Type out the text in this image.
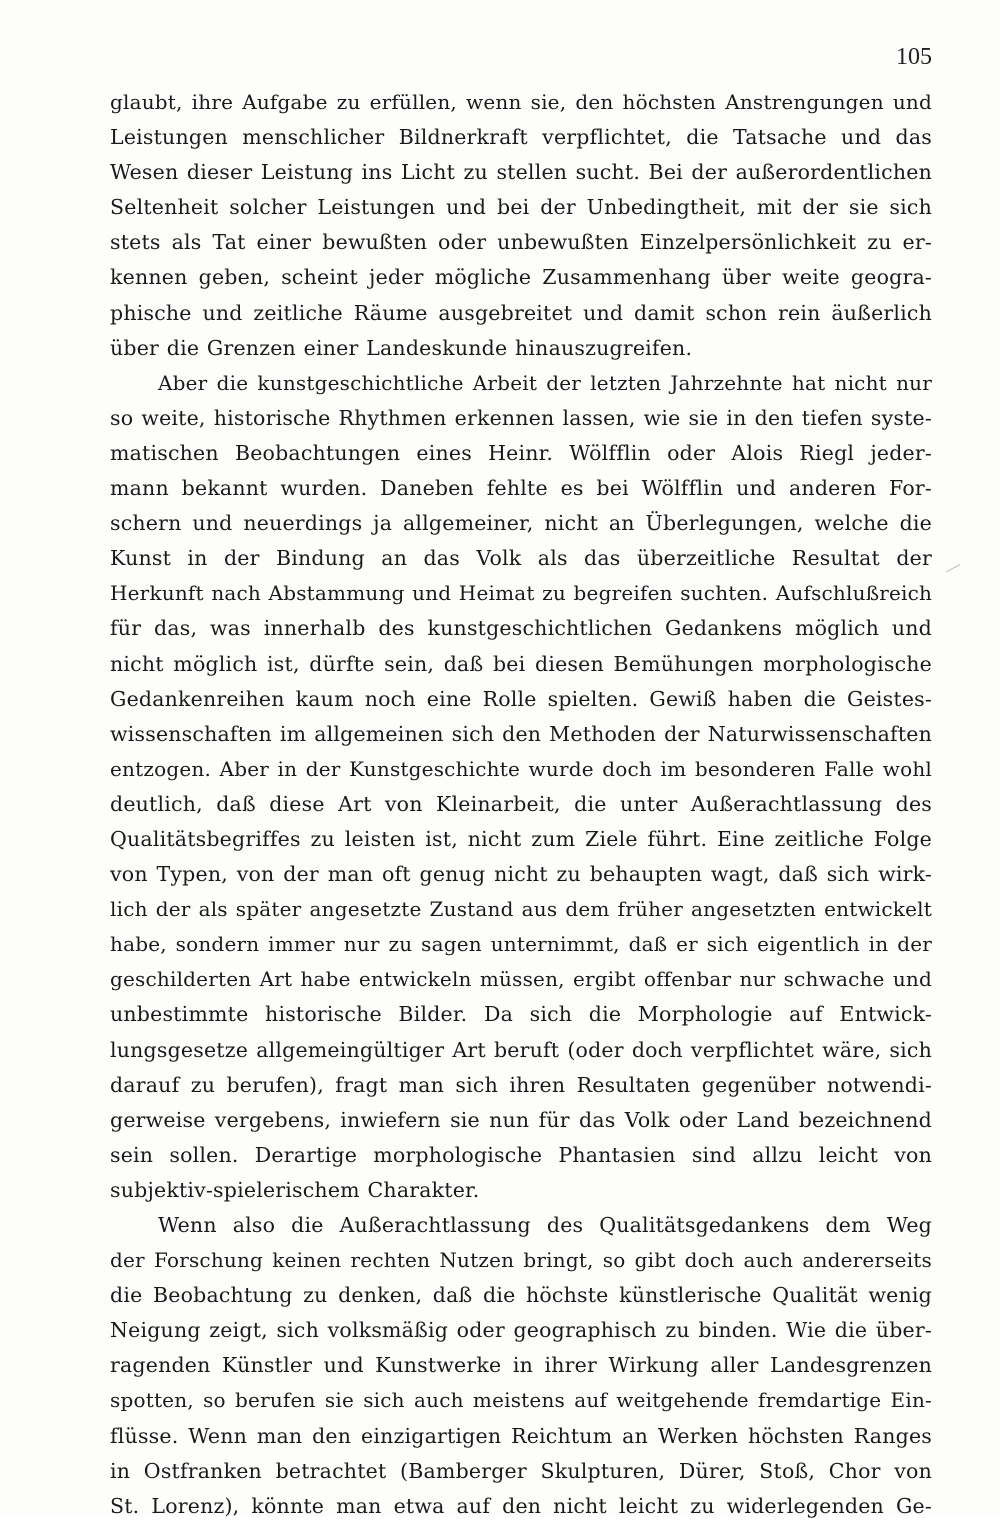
105
glaubt, ihre Aufgabe zu erfüllen, wenn sie, den höchsten Anstrengungen und
Leistungen menschlicher Bildnerkraft verpflichtet, die Tatsache und das
Wesen dieser Leistung ins Licht zu stellen sucht. Bei der außerordentlichen
Seltenheit solcher Leistungen und bei der Unbedingtheit, mit der sie sich
stets als Tat einer bewußten oder unbewußten Einzelpersönlichkeit zu er-
kennen geben, scheint jeder mögliche Zusammenhang über weite geogra-
phische und zeitliche Räume ausgebreitet und damit schon rein äußerlich
über die Grenzen einer Landeskunde hinauszugreifen.
Aber die kunstgeschichtliche Arbeit der letzten Jahrzehnte hat nicht nur
so weite, historische Rhythmen erkennen lassen, wie sie in den tiefen syste-
matischen Beobachtungen eines Heinr. Wölfflin oder Alois Riegl jeder-
mann bekannt wurden. Daneben fehlte es bei Wölfflin und anderen For-
schern und neuerdings ja allgemeiner, nicht an Überlegungen, welche die
Kunst in der Bindung an das Volk als das überzeitliche Resultat der
Herkunft nach Abstammung und Heimat zu begreifen suchten. Aufschlußreich
für das, was innerhalb des kunstgeschichtlichen Gedankens möglich und
nicht möglich ist, dürfte sein, daß bei diesen Bemühungen morphologische
Gedankenreihen kaum noch eine Rolle spielten. Gewiß haben die Geistes-
wissenschaften im allgemeinen sich den Methoden der Naturwissenschaften
entzogen. Aber in der Kunstgeschichte wurde doch im besonderen Falle wohl
deutlich, daß diese Art von Kleinarbeit, die unter Außerachtlassung des
Qualitätsbegriffes zu leisten ist, nicht zum Ziele führt. Eine zeitliche Folge
von Typen, von der man oft genug nicht zu behaupten wagt, daß sich wirk-
lich der als später angesetzte Zustand aus dem früher angesetzten entwickelt
habe, sondern immer nur zu sagen unternimmt, daß er sich eigentlich in der
geschilderten Art habe entwickeln müssen, ergibt offenbar nur schwache und
unbestimmte historische Bilder. Da sich die Morphologie auf Entwick-
lungsgesetze allgemeingültiger Art beruft (oder doch verpflichtet wäre, sich
darauf zu berufen), fragt man sich ihren Resultaten gegenüber notwendi-
gerweise vergebens, inwiefern sie nun für das Volk oder Land bezeichnend
sein sollen. Derartige morphologische Phantasien sind allzu leicht von
subjektiv-spielerischem Charakter.
Wenn also die Außerachtlassung des Qualitätsgedankens dem Weg
der Forschung keinen rechten Nutzen bringt, so gibt doch auch andererseits
die Beobachtung zu denken, daß die höchste künstlerische Qualität wenig
Neigung zeigt, sich volksmäßig oder geographisch zu binden. Wie die über-
ragenden Künstler und Kunstwerke in ihrer Wirkung aller Landesgrenzen
spotten, so berufen sie sich auch meistens auf weitgehende fremdartige Ein-
flüsse. Wenn man den einzigartigen Reichtum an Werken höchsten Ranges
in Ostfranken betrachtet (Bamberger Skulpturen, Dürer, Stoß, Chor von
St. Lorenz), könnte man etwa auf den nicht leicht zu widerlegenden Ge-
